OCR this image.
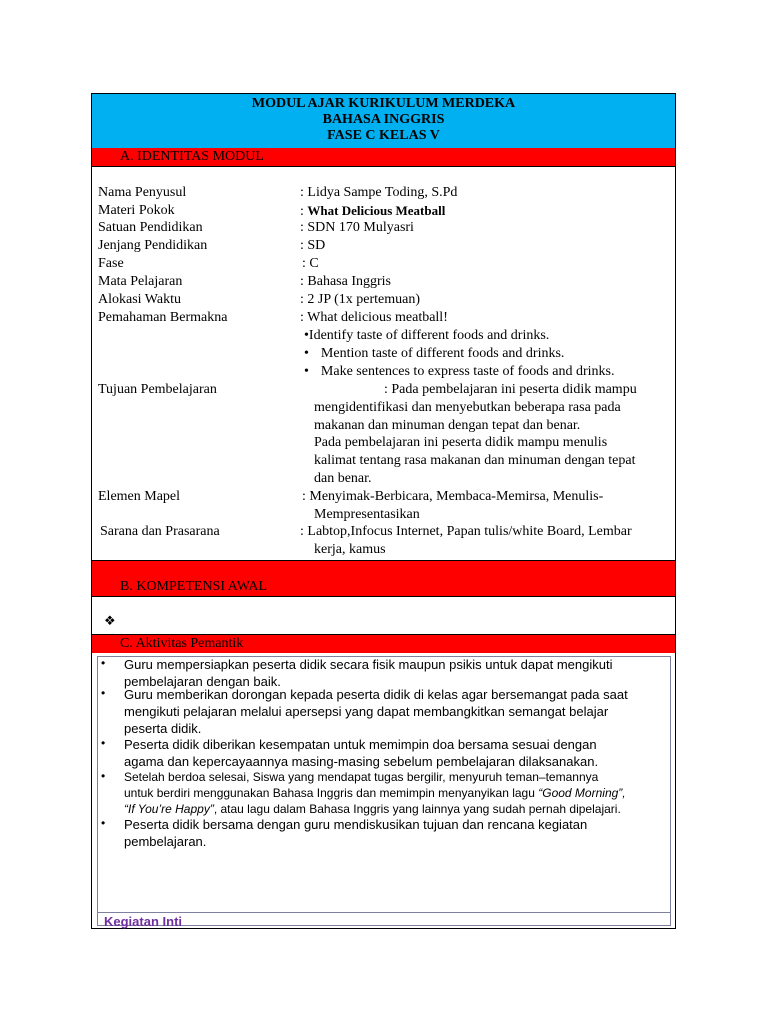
MODUL AJAR KURIKULUM MERDEKA
BAHASA INGGRIS
FASE C KELAS V
A. IDENTITAS MODUL
Nama Penyusul	: Lidya Sampe Toding, S.Pd
Materi Pokok	: What Delicious Meatball
Satuan Pendidikan	: SDN 170 Mulyasri
Jenjang Pendidikan	: SD
Fase	: C
Mata Pelajaran	: Bahasa Inggris
Alokasi Waktu	: 2 JP (1x pertemuan)
Pemahaman Bermakna	: What delicious meatball!
•Identify taste of different foods and drinks.
• Mention taste of different foods and drinks.
• Make sentences to express taste of foods and drinks.
Tujuan Pembelajaran	: Pada pembelajaran ini peserta didik mampu
mengidentifikasi dan menyebutkan beberapa rasa pada
makanan dan minuman dengan tepat dan benar.
Pada pembelajaran ini peserta didik mampu menulis
kalimat tentang rasa makanan dan minuman dengan tepat
dan benar.
Elemen Mapel	: Menyimak-Berbicara, Membaca-Memirsa, Menulis-
Mempresentasikan
Sarana dan Prasarana	: Labtop,Infocus Internet, Papan tulis/white Board, Lembar
kerja, kamus
B. KOMPETENSI AWAL
❖
C. Aktivitas Pemantik
• Guru mempersiapkan peserta didik secara fisik maupun psikis untuk dapat mengikuti
pembelajaran dengan baik.
• Guru memberikan dorongan kepada peserta didik di kelas agar bersemangat pada saat
mengikuti pelajaran melalui apersepsi yang dapat membangkitkan semangat belajar
peserta didik.
• Peserta didik diberikan kesempatan untuk memimpin doa bersama sesuai dengan
agama dan kepercayaannya masing-masing sebelum pembelajaran dilaksanakan.
• Setelah berdoa selesai, Siswa yang mendapat tugas bergilir, menyuruh teman–temannya
untuk berdiri menggunakan Bahasa Inggris dan memimpin menyanyikan lagu “Good Morning”,
“If You’re Happy”, atau lagu dalam Bahasa Inggris yang lainnya yang sudah pernah dipelajari.
• Peserta didik bersama dengan guru mendiskusikan tujuan dan rencana kegiatan
pembelajaran.
Kegiatan Inti
